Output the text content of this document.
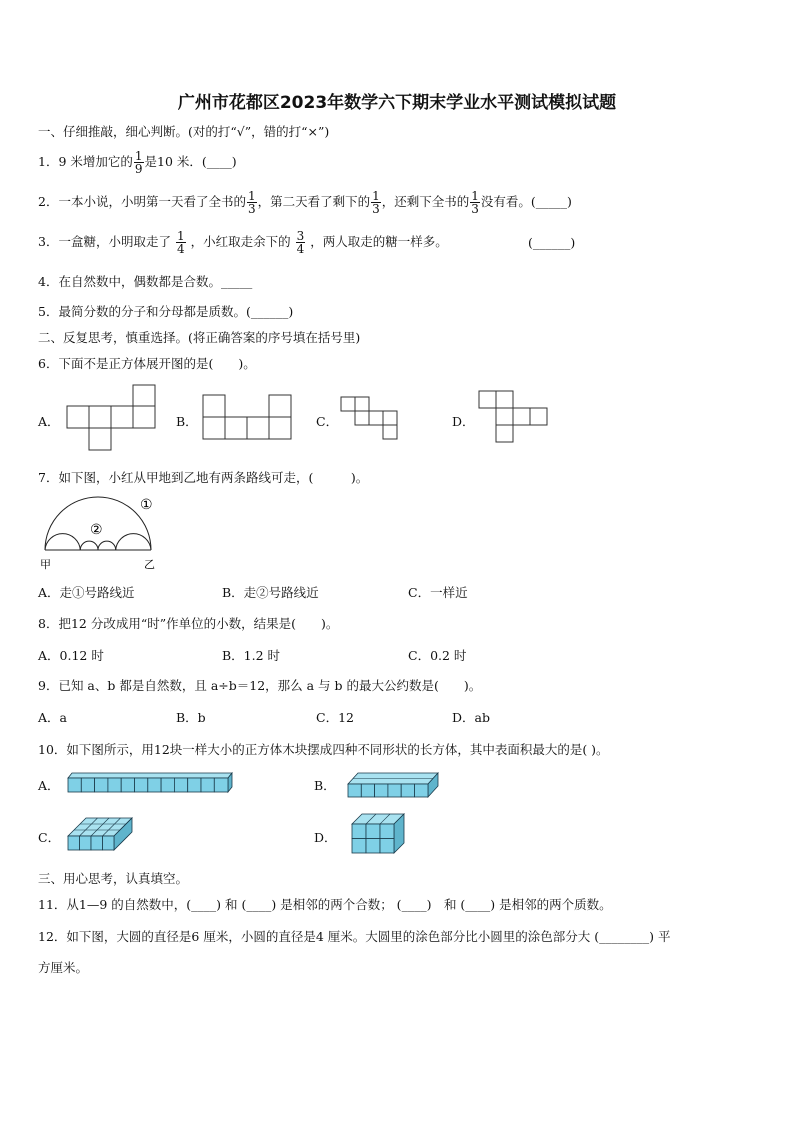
广州市花都区2023年数学六下期末学业水平测试模拟试题
一、仔细推敲，细心判断。(对的打“√”，错的打“×”)
1．9 米增加它的 $\frac{1}{9}$ 是10 米．(____)
2．一本小说，小明第一天看了全书的 $\frac{1}{3}$ ，第二天看了剩下的 $\frac{1}{3}$ ，还剩下全书的 $\frac{1}{3}$ 没有看。(_____)
3．一盒糖，小明取走了 $\frac{1}{4}$ ，小红取走余下的 $\frac{3}{4}$ ，两人取走的糖一样多。	(______)
4．在自然数中，偶数都是合数。_____
5．最简分数的分子和分母都是质数。(______)
二、反复思考，慎重选择。(将正确答案的序号填在括号里)
6．下面不是正方体展开图的是(　　)。
A．	B．	C．	D．
7．如下图，小红从甲地到乙地有两条路线可走，(　　　)。
①
②
甲	乙
A．走①号路线近	B．走②号路线近	C．一样近
8．把12 分改成用“时”作单位的小数，结果是(　　)。
A．0.12 时	B．1.2 时	C．0.2 时
9．已知 a、b 都是自然数，且 a÷b＝12，那么 a 与 b 的最大公约数是(　　)。
A．a	B．b	C．12	D．ab
10．如下图所示，用12块一样大小的正方体木块摆成四种不同形状的长方体，其中表面积最大的是( )。
A．	B．
C．	D．
三、用心思考，认真填空。
11．从1—9 的自然数中，(____) 和 (____) 是相邻的两个合数； (____)　和 (____) 是相邻的两个质数。
12．如下图，大圆的直径是6 厘米，小圆的直径是4 厘米。大圆里的涂色部分比小圆里的涂色部分大 (________) 平
方厘米。
